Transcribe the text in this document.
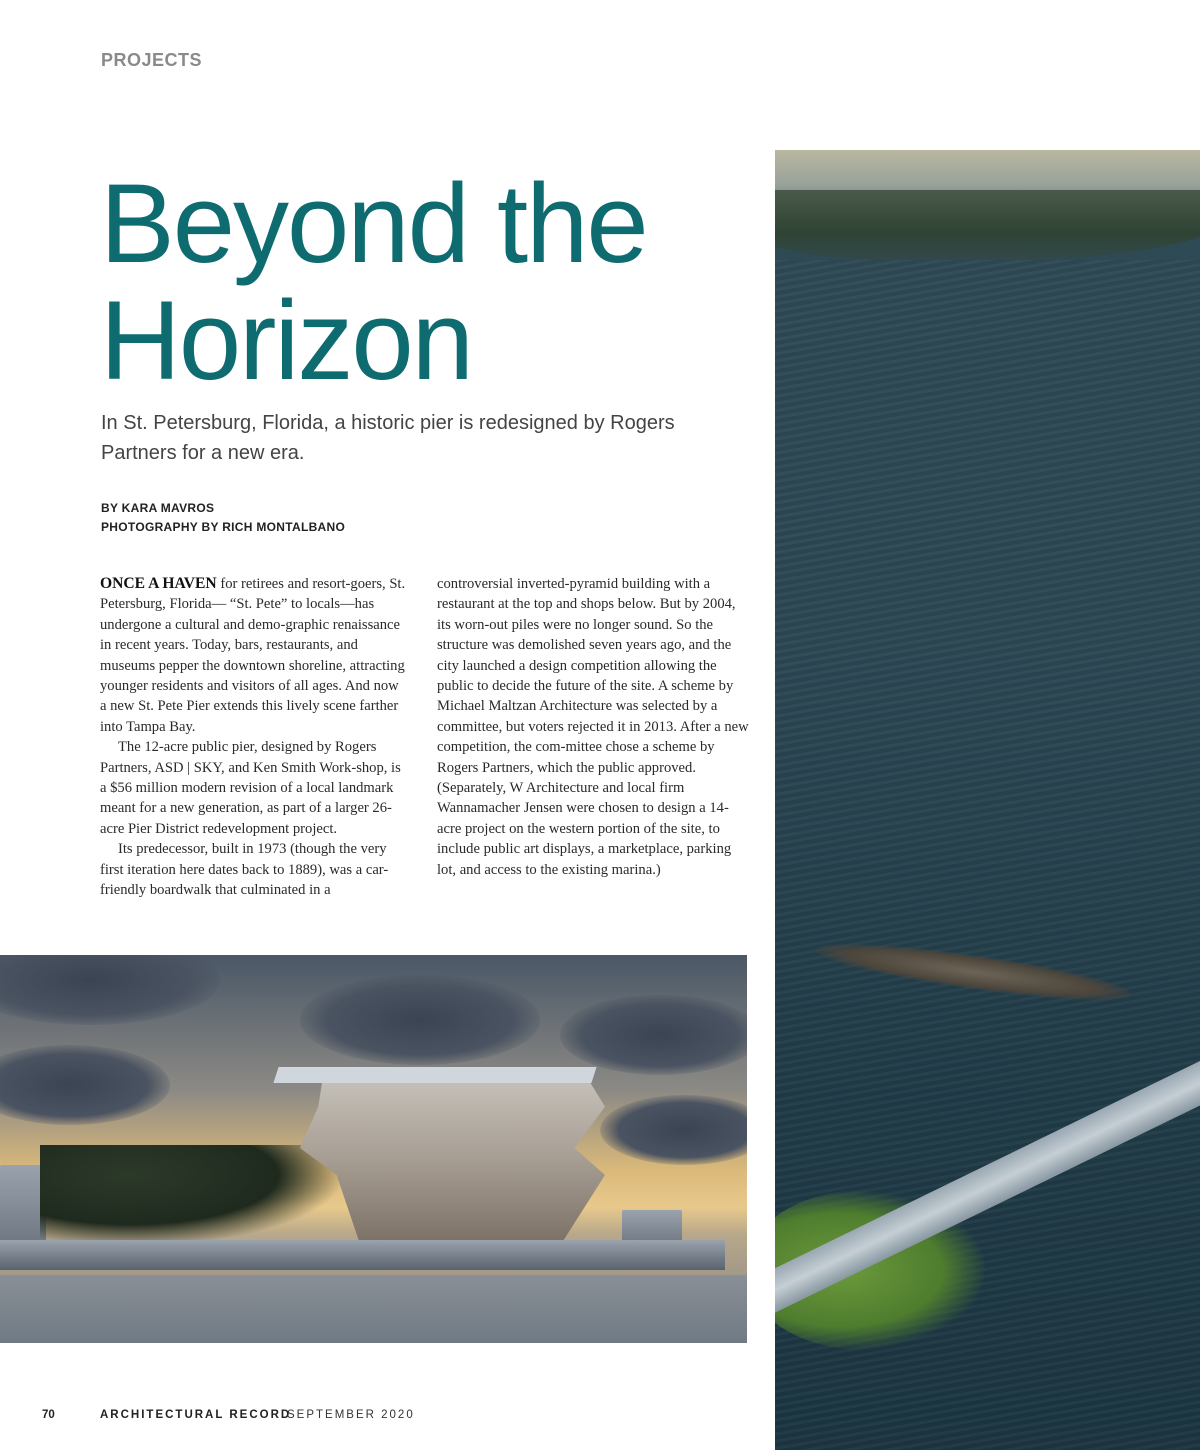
PROJECTS
Beyond the
Horizon
In St. Petersburg, Florida, a historic pier is redesigned by Rogers Partners for a new era.
BY KARA MAVROS
PHOTOGRAPHY BY RICH MONTALBANO

ONCE A HAVEN for retirees and resort-goers, St. Petersburg, Florida— “St. Pete” to locals—has undergone a cultural and demo-graphic renaissance in recent years. Today, bars, restaurants, and museums pepper the downtown shoreline, attracting younger residents and visitors of all ages. And now a new St. Pete Pier extends this lively scene farther into Tampa Bay.

The 12-acre public pier, designed by Rogers Partners, ASD | SKY, and Ken Smith Work-shop, is a $56 million modern revision of a local landmark meant for a new generation, as part of a larger 26-acre Pier District redevelopment project.

Its predecessor, built in 1973 (though the very first iteration here dates back to 1889), was a car-friendly boardwalk that culminated in a

70	ARCHITECTURAL RECORD
SEPTEMBER 2020

controversial inverted-pyramid building with a restaurant at the top and shops below. But by 2004, its worn-out piles were no longer sound. So the structure was demolished seven years ago, and the city launched a design competition allowing the public to decide the future of the site. A scheme by Michael Maltzan Architecture was selected by a committee, but voters rejected it in 2013. After a new competition, the com-mittee chose a scheme by Rogers Partners, which the public approved. (Separately, W Architecture and local firm Wannamacher Jensen were chosen to design a 14-acre project on the western portion of the site, to include public art displays, a marketplace, parking lot, and access to the existing marina.)
